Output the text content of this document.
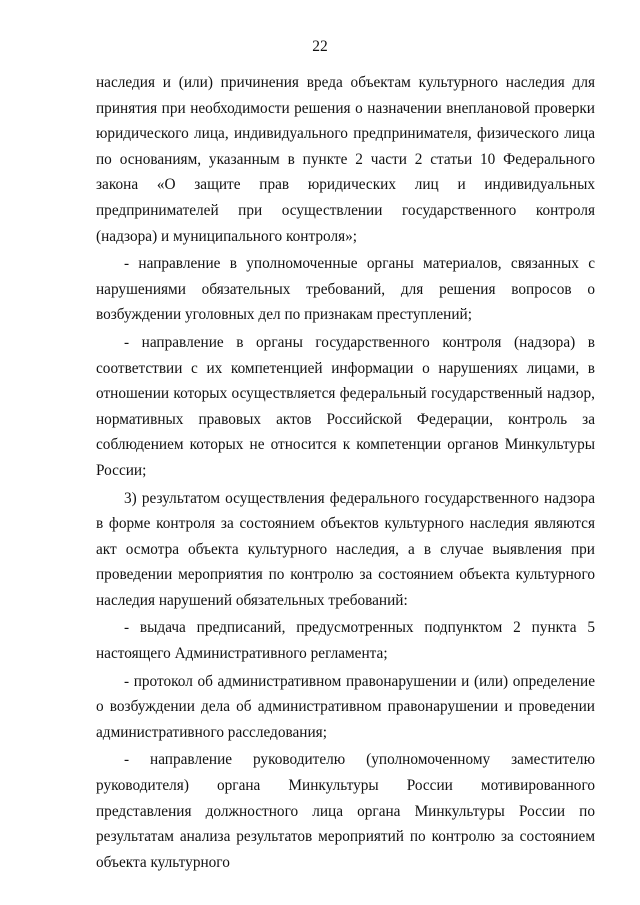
22

наследия и (или) причинения вреда объектам культурного наследия для принятия при необходимости решения о назначении внеплановой проверки юридического лица, индивидуального предпринимателя, физического лица по основаниям, указанным в пункте 2 части 2 статьи 10 Федерального закона «О защите прав юридических лиц и индивидуальных предпринимателей при осуществлении государственного контроля (надзора) и муниципального контроля»;

- направление в уполномоченные органы материалов, связанных с нарушениями обязательных требований, для решения вопросов о возбуждении уголовных дел по признакам преступлений;

- направление в органы государственного контроля (надзора) в соответствии с их компетенцией информации о нарушениях лицами, в отношении которых осуществляется федеральный государственный надзор, нормативных правовых актов Российской Федерации, контроль за соблюдением которых не относится к компетенции органов Минкультуры России;

3) результатом осуществления федерального государственного надзора в форме контроля за состоянием объектов культурного наследия являются акт осмотра объекта культурного наследия, а в случае выявления при проведении мероприятия по контролю за состоянием объекта культурного наследия нарушений обязательных требований:

- выдача предписаний, предусмотренных подпунктом 2 пункта 5 настоящего Административного регламента;

- протокол об административном правонарушении и (или) определение о возбуждении дела об административном правонарушении и проведении административного расследования;

- направление руководителю (уполномоченному заместителю руководителя) органа Минкультуры России мотивированного представления должностного лица органа Минкультуры России по результатам анализа результатов мероприятий по контролю за состоянием объекта культурного
